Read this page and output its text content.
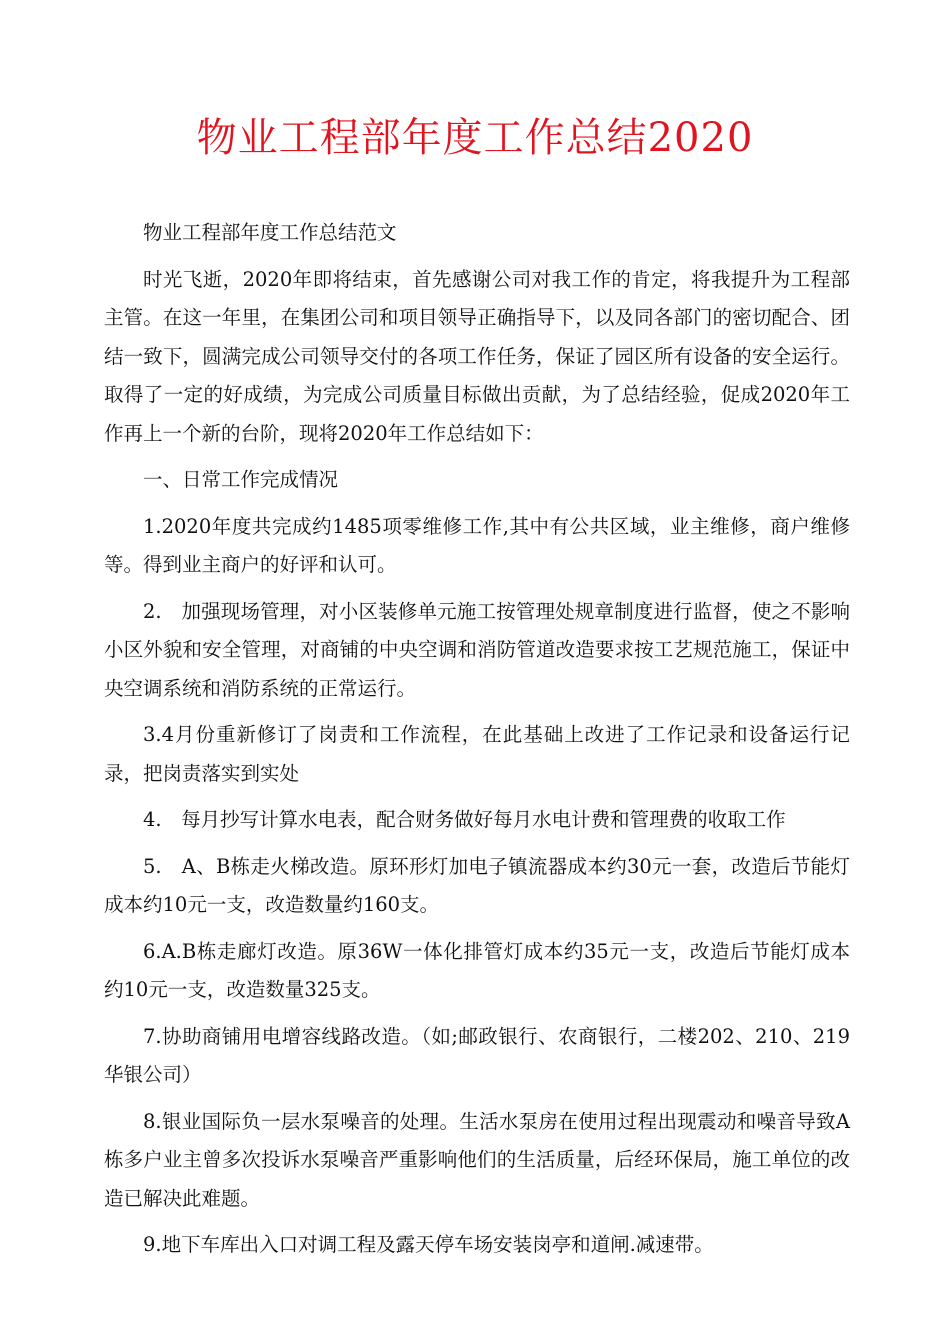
物业工程部年度工作总结2020

物业工程部年度工作总结范文

时光飞逝，2020年即将结束，首先感谢公司对我工作的肯定，将我提升为工程部主管。在这一年里，在集团公司和项目领导正确指导下，以及同各部门的密切配合、团结一致下，圆满完成公司领导交付的各项工作任务，保证了园区所有设备的安全运行。取得了一定的好成绩，为完成公司质量目标做出贡献，为了总结经验，促成2020年工作再上一个新的台阶，现将2020年工作总结如下：

一、日常工作完成情况

1.2020年度共完成约1485项零维修工作,其中有公共区域，业主维修，商户维修等。得到业主商户的好评和认可。

2.　加强现场管理，对小区装修单元施工按管理处规章制度进行监督，使之不影响小区外貌和安全管理，对商铺的中央空调和消防管道改造要求按工艺规范施工，保证中央空调系统和消防系统的正常运行。

3.4月份重新修订了岗责和工作流程，在此基础上改进了工作记录和设备运行记录，把岗责落实到实处

4.　每月抄写计算水电表，配合财务做好每月水电计费和管理费的收取工作

5.　A、B栋走火梯改造。原环形灯加电子镇流器成本约30元一套，改造后节能灯成本约10元一支，改造数量约160支。

6.A.B栋走廊灯改造。原36W一体化排管灯成本约35元一支，改造后节能灯成本约10元一支，改造数量325支。

7.协助商铺用电增容线路改造。（如;邮政银行、农商银行，二楼202、210、219华银公司）

8.银业国际负一层水泵噪音的处理。生活水泵房在使用过程出现震动和噪音导致A栋多户业主曾多次投诉水泵噪音严重影响他们的生活质量，后经环保局，施工单位的改造已解决此难题。

9.地下车库出入口对调工程及露天停车场安装岗亭和道闸.减速带。
